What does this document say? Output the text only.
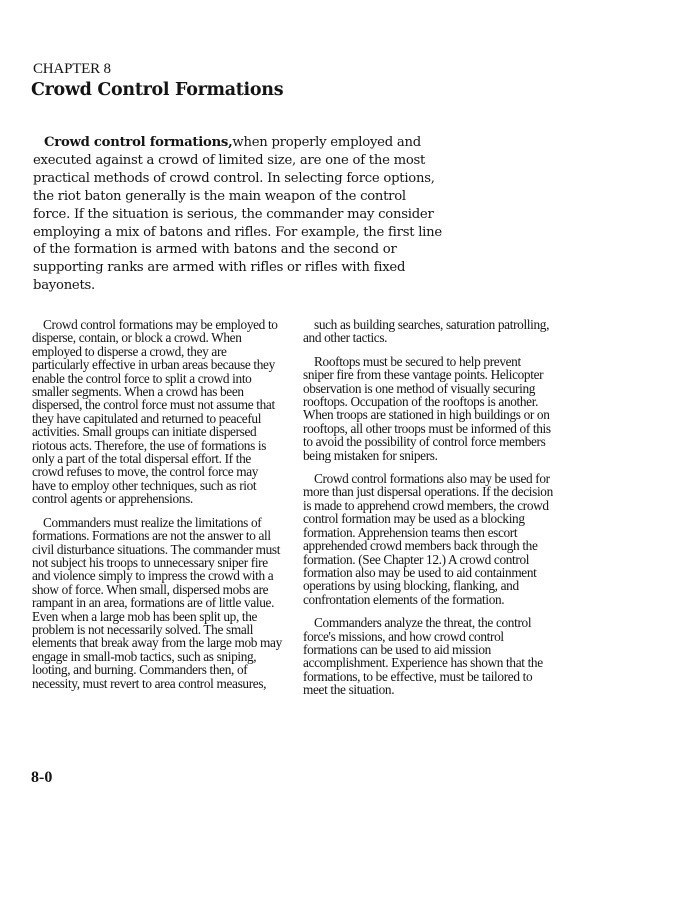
CHAPTER 8
Crowd Control Formations

Crowd control formations,when properly employed and executed against a crowd of limited size, are one of the most practical methods of crowd control. In selecting force options, the riot baton generally is the main weapon of the control force. If the situation is serious, the commander may consider employing a mix of batons and rifles. For example, the first line of the formation is armed with batons and the second or supporting ranks are armed with rifles or rifles with fixed bayonets.

Crowd control formations may be employed to disperse, contain, or block a crowd. When employed to disperse a crowd, they are particularly effective in urban areas because they enable the control force to split a crowd into smaller segments. When a crowd has been dispersed, the control force must not assume that they have capitulated and returned to peaceful activities. Small groups can initiate dispersed riotous acts. Therefore, the use of formations is only a part of the total dispersal effort. If the crowd refuses to move, the control force may have to employ other techniques, such as riot control agents or apprehensions.

Commanders must realize the limitations of formations. Formations are not the answer to all civil disturbance situations. The commander must not subject his troops to unnecessary sniper fire and violence simply to impress the crowd with a show of force. When small, dispersed mobs are rampant in an area, formations are of little value. Even when a large mob has been split up, the problem is not necessarily solved. The small elements that break away from the large mob may engage in small-mob tactics, such as sniping, looting, and burning. Commanders then, of necessity, must revert to area control measures,

such as building searches, saturation patrolling, and other tactics.

Rooftops must be secured to help prevent sniper fire from these vantage points. Helicopter observation is one method of visually securing rooftops. Occupation of the rooftops is another. When troops are stationed in high buildings or on rooftops, all other troops must be informed of this to avoid the possibility of control force members being mistaken for snipers.

Crowd control formations also may be used for more than just dispersal operations. If the decision is made to apprehend crowd members, the crowd control formation may be used as a blocking formation. Apprehension teams then escort apprehended crowd members back through the formation. (See Chapter 12.) A crowd control formation also may be used to aid containment operations by using blocking, flanking, and confrontation elements of the formation.

Commanders analyze the threat, the control force's missions, and how crowd control formations can be used to aid mission accomplishment. Experience has shown that the formations, to be effective, must be tailored to meet the situation.

8-0
